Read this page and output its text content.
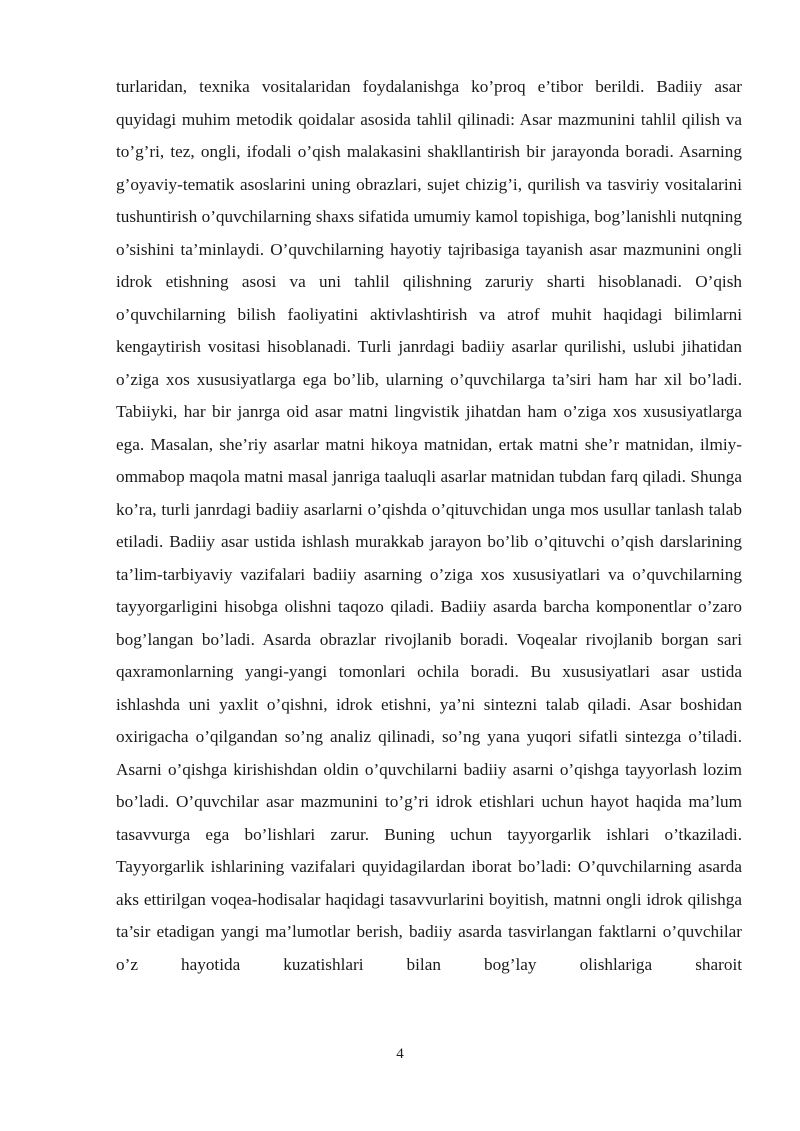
turlaridan, texnika vositalaridan foydalanishga ko’proq e’tibor berildi. Badiiy asar quyidagi muhim metodik qoidalar asosida tahlil qilinadi: Asar mazmunini tahlil qilish va to’g’ri, tez, ongli, ifodali o’qish malakasini shakllantirish bir jarayonda boradi. Asarning g’oyaviy-tematik asoslarini uning obrazlari, sujet chizig’i, qurilish va tasviriy vositalarini tushuntirish o’quvchilarning shaxs sifatida umumiy kamol topishiga, bog’lanishli nutqning o’sishini ta’minlaydi. O’quvchilarning hayotiy tajribasiga tayanish asar mazmunini ongli idrok etishning asosi va uni tahlil qilishning zaruriy sharti hisoblanadi. O’qish o’quvchilarning bilish faoliyatini aktivlashtirish va atrof muhit haqidagi bilimlarni kengaytirish vositasi hisoblanadi. Turli janrdagi badiiy asarlar qurilishi, uslubi jihatidan o’ziga xos xususiyatlarga ega bo’lib, ularning o’quvchilarga ta’siri ham har xil bo’ladi. Tabiiyki, har bir janrga oid asar matni lingvistik jihatdan ham o’ziga xos xususiyatlarga ega. Masalan, she’riy asarlar matni hikoya matnidan, ertak matni she’r matnidan, ilmiy-ommabop maqola matni masal janriga taaluqli asarlar matnidan tubdan farq qiladi. Shunga ko’ra, turli janrdagi badiiy asarlarni o’qishda o’qituvchidan unga mos usullar tanlash talab etiladi. Badiiy asar ustida ishlash murakkab jarayon bo’lib o’qituvchi o’qish darslarining ta’lim-tarbiyaviy vazifalari badiiy asarning o’ziga xos xususiyatlari va o’quvchilarning tayyorgarligini hisobga olishni taqozo qiladi. Badiiy asarda barcha komponentlar o’zaro bog’langan bo’ladi. Asarda obrazlar rivojlanib boradi. Voqealar rivojlanib borgan sari qaxramonlarning yangi-yangi tomonlari ochila boradi. Bu xususiyatlari asar ustida ishlashda uni yaxlit o’qishni, idrok etishni, ya’ni sintezni talab qiladi. Asar boshidan oxirigacha o’qilgandan so’ng analiz qilinadi, so’ng yana yuqori sifatli sintezga o’tiladi. Asarni o’qishga kirishishdan oldin o’quvchilarni badiiy asarni o’qishga tayyorlash lozim bo’ladi. O’quvchilar asar mazmunini to’g’ri idrok etishlari uchun hayot haqida ma’lum tasavvurga ega bo’lishlari zarur. Buning uchun tayyorgarlik ishlari o’tkaziladi. Tayyorgarlik ishlarining vazifalari quyidagilardan iborat bo’ladi: O’quvchilarning asarda aks ettirilgan voqea-hodisalar haqidagi tasavvurlarini boyitish, matnni ongli idrok qilishga ta’sir etadigan yangi ma’lumotlar berish, badiiy asarda tasvirlangan faktlarni o’quvchilar o’z hayotida kuzatishlari bilan bog’lay olishlariga sharoit

4
